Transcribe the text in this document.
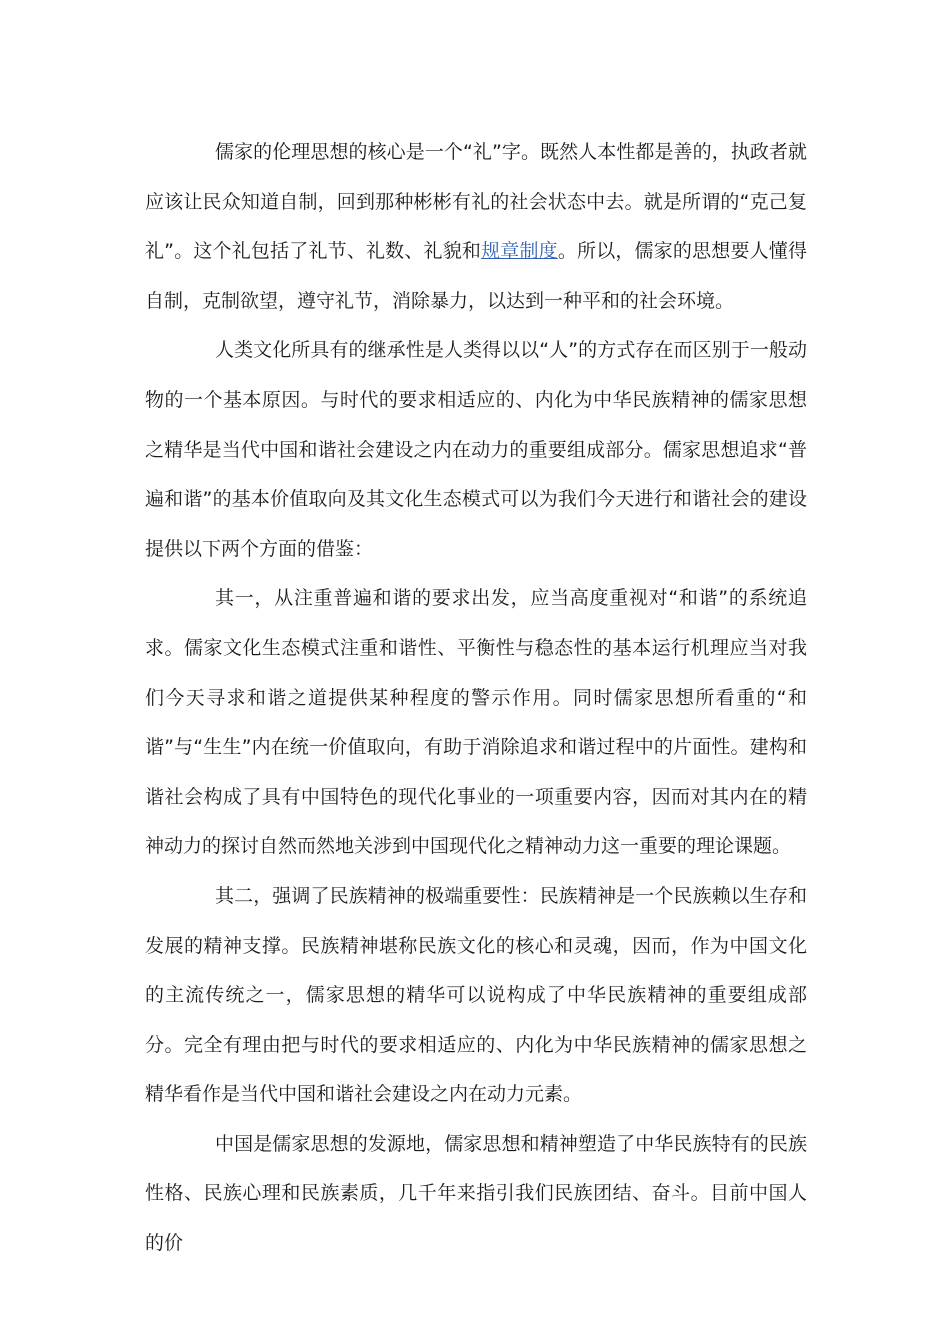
儒家的伦理思想的核心是一个“礼”字。既然人本性都是善的，执政者就应该让民众知道自制，回到那种彬彬有礼的社会状态中去。就是所谓的“克己复礼”。这个礼包括了礼节、礼数、礼貌和规章制度。所以，儒家的思想要人懂得自制，克制欲望，遵守礼节，消除暴力，以达到一种平和的社会环境。

人类文化所具有的继承性是人类得以以“人”的方式存在而区别于一般动物的一个基本原因。与时代的要求相适应的、内化为中华民族精神的儒家思想之精华是当代中国和谐社会建设之内在动力的重要组成部分。儒家思想追求“普遍和谐”的基本价值取向及其文化生态模式可以为我们今天进行和谐社会的建设提供以下两个方面的借鉴：

其一，从注重普遍和谐的要求出发，应当高度重视对“和谐”的系统追求。儒家文化生态模式注重和谐性、平衡性与稳态性的基本运行机理应当对我们今天寻求和谐之道提供某种程度的警示作用。同时儒家思想所看重的“和谐”与“生生”内在统一价值取向，有助于消除追求和谐过程中的片面性。建构和谐社会构成了具有中国特色的现代化事业的一项重要内容，因而对其内在的精神动力的探讨自然而然地关涉到中国现代化之精神动力这一重要的理论课题。

其二，强调了民族精神的极端重要性：民族精神是一个民族赖以生存和发展的精神支撑。民族精神堪称民族文化的核心和灵魂，因而，作为中国文化的主流传统之一，儒家思想的精华可以说构成了中华民族精神的重要组成部分。完全有理由把与时代的要求相适应的、内化为中华民族精神的儒家思想之精华看作是当代中国和谐社会建设之内在动力元素。

中国是儒家思想的发源地，儒家思想和精神塑造了中华民族特有的民族性格、民族心理和民族素质，几千年来指引我们民族团结、奋斗。目前中国人的价
